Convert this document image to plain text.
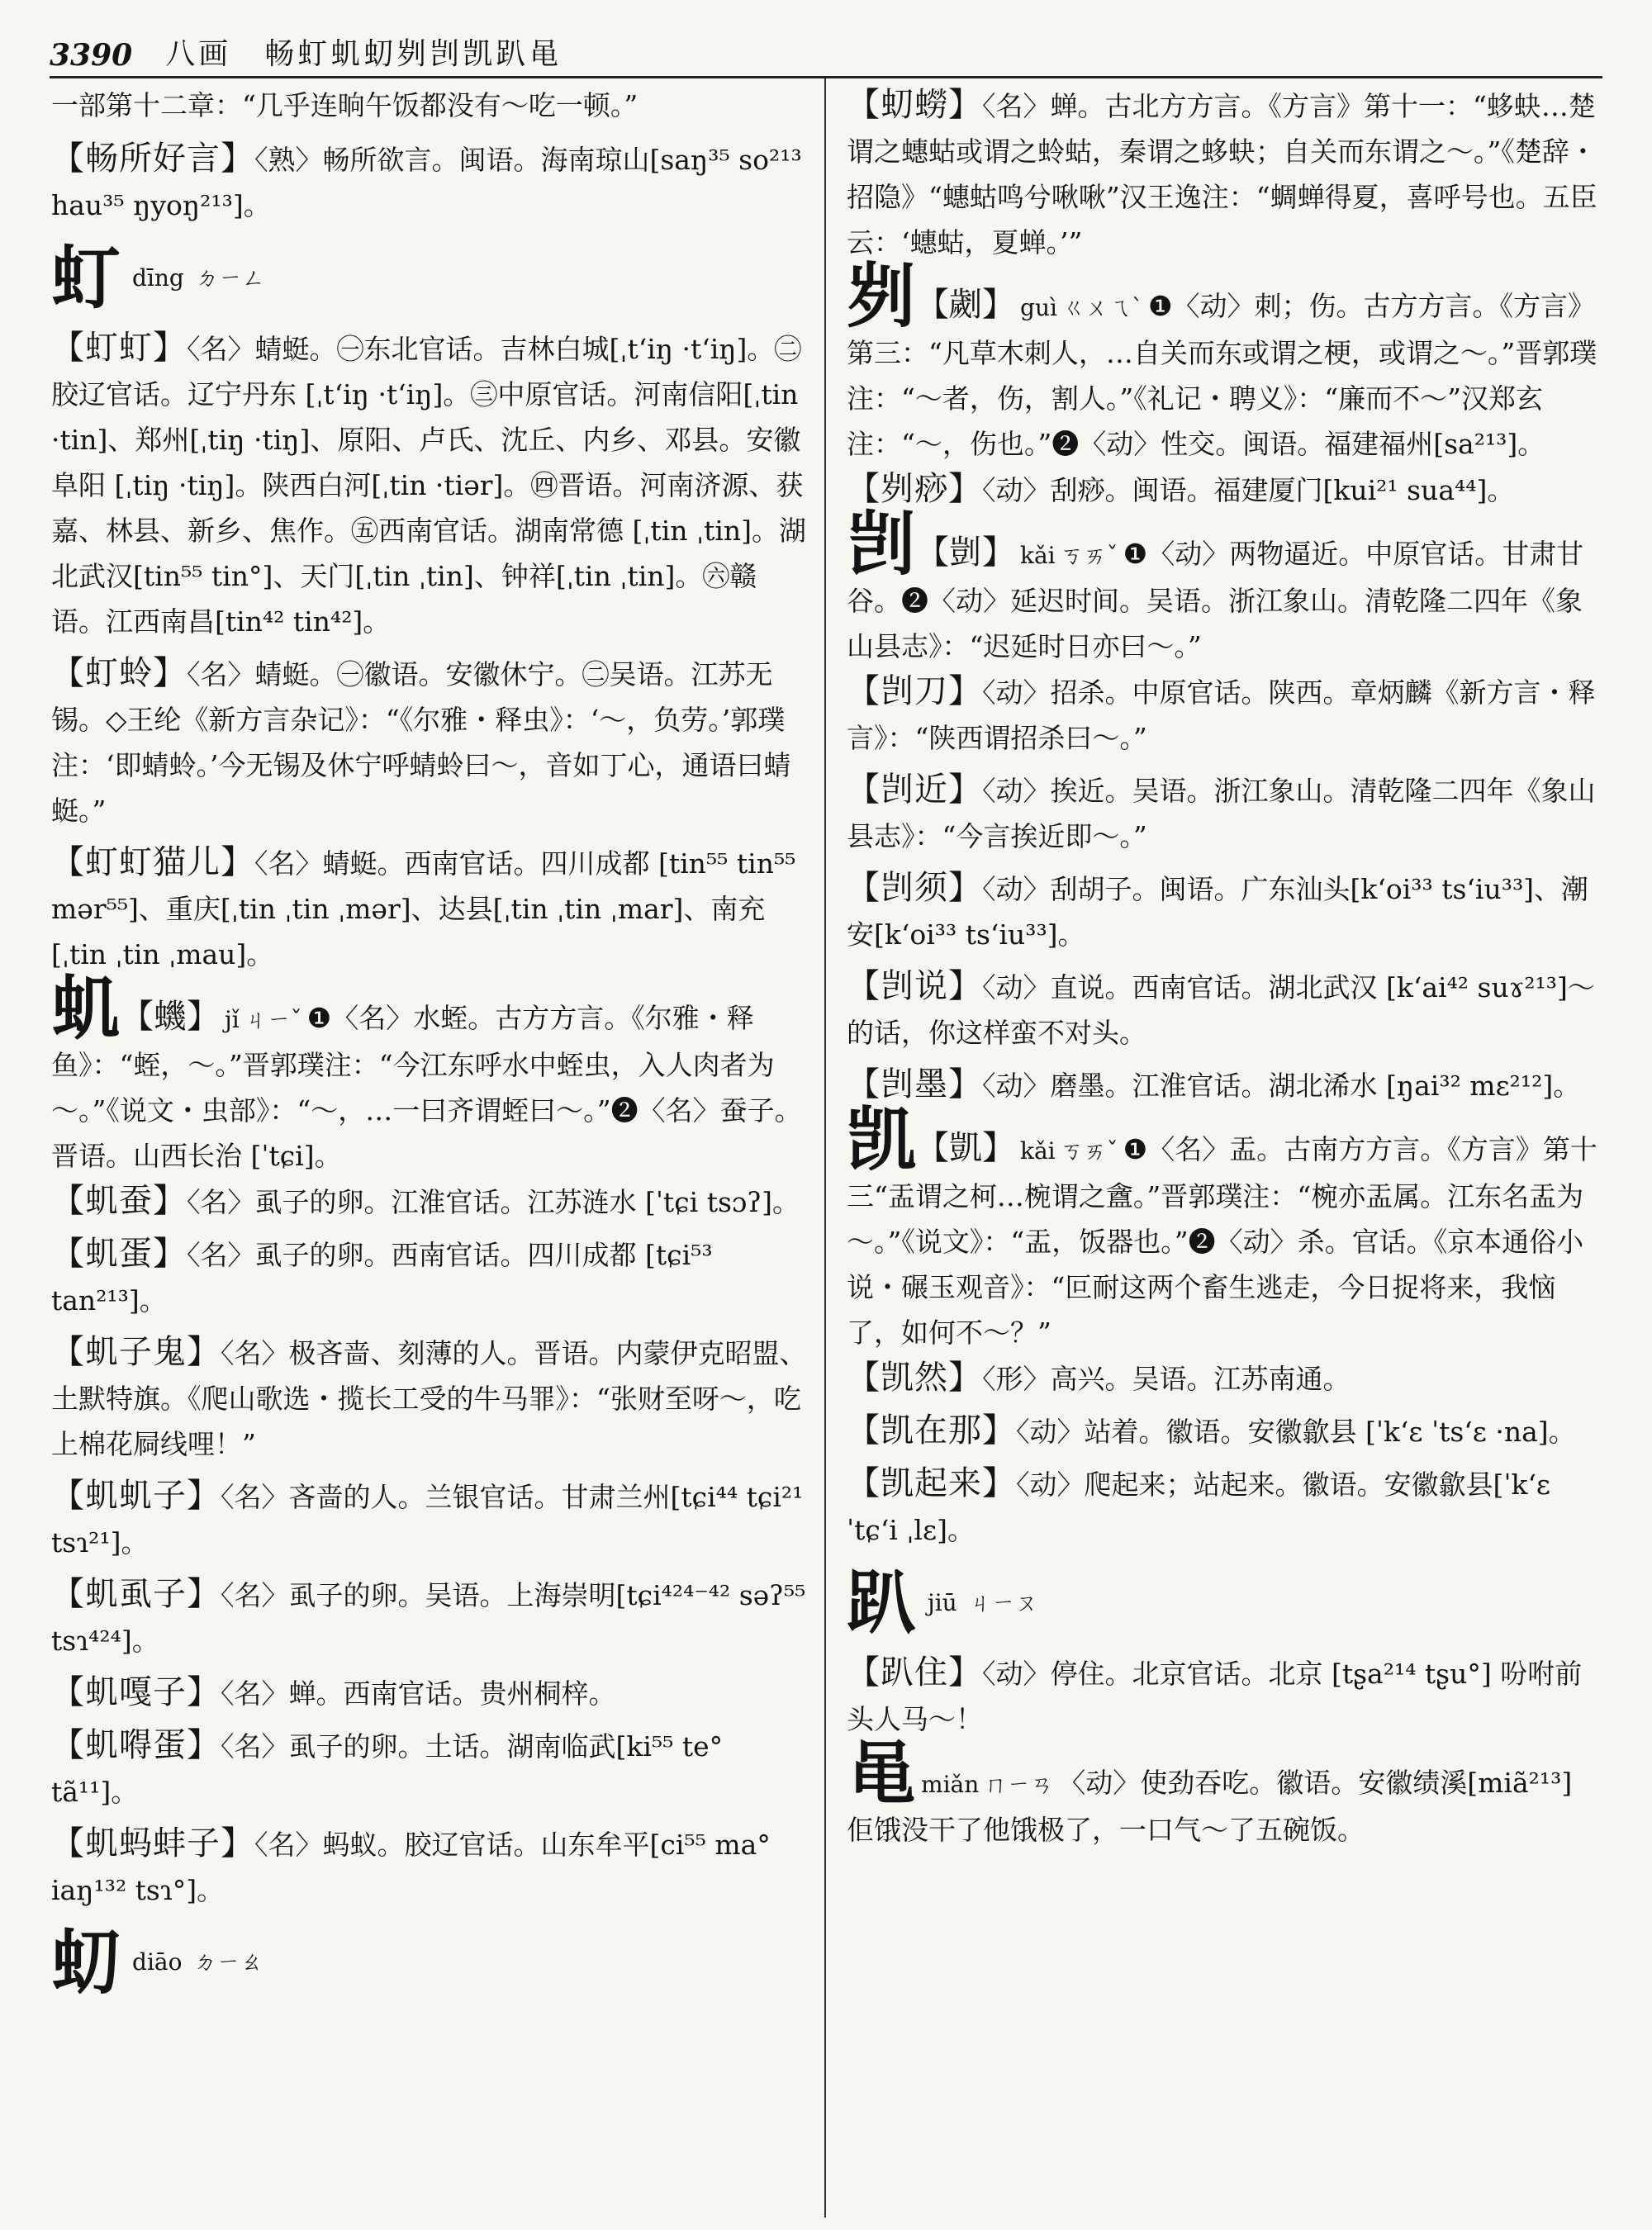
3390 八画　畅虰虮虭刿剀凯趴黾
一部第十二章：“几乎连晌午饭都没有～吃一顿。”
【畅所好言】〈熟〉畅所欲言。闽语。海南琼山[saŋ³⁵ so²¹³ hau³⁵ ŋyoŋ²¹³]。
虰dīng ㄉㄧㄥ
【虰虰】〈名〉蜻蜓。㊀东北官话。吉林白城[ˌt‘iŋ ·t‘iŋ]。㊁胶辽官话。辽宁丹东 [ˌt‘iŋ ·t‘iŋ]。㊂中原官话。河南信阳[ˌtin ·tin]、郑州[ˌtiŋ ·tiŋ]、原阳、卢氏、沈丘、内乡、邓县。安徽阜阳 [ˌtiŋ ·tiŋ]。陕西白河[ˌtin ·tiər]。㊃晋语。河南济源、获嘉、林县、新乡、焦作。㊄西南官话。湖南常德 [ˌtin ˌtin]。湖北武汉[tin⁵⁵ tin°]、天门[ˌtin ˌtin]、钟祥[ˌtin ˌtin]。㊅赣语。江西南昌[tin⁴² tin⁴²]。
【虰蛉】〈名〉蜻蜓。㊀徽语。安徽休宁。㊁吴语。江苏无锡。◇王纶《新方言杂记》：“《尔雅・释虫》：‘～，负劳。’郭璞注：‘即蜻蛉。’今无锡及休宁呼蜻蛉曰～，音如丁心，通语曰蜻蜓。”
【虰虰猫儿】〈名〉蜻蜓。西南官话。四川成都 [tin⁵⁵ tin⁵⁵ mər⁵⁵]、重庆[ˌtin ˌtin ˌmər]、达县[ˌtin ˌtin ˌmar]、南充[ˌtin ˌtin ˌmau]。
虮【蟣】 jǐ ㄐㄧˇ ❶〈名〉水蛭。古方方言。《尔雅・释鱼》：“蛭，～。”晋郭璞注：“今江东呼水中蛭虫，入人肉者为～。”《说文・虫部》：“～，…一曰齐谓蛭曰～。”❷〈名〉蚕子。晋语。山西长治 [ˈtɕi]。
【虮蚕】〈名〉虱子的卵。江淮官话。江苏涟水 [ˈtɕi tsɔʔ]。
【虮蛋】〈名〉虱子的卵。西南官话。四川成都 [tɕi⁵³ tan²¹³]。
【虮子鬼】〈名〉极吝啬、刻薄的人。晋语。内蒙伊克昭盟、土默特旗。《爬山歌选・揽长工受的牛马罪》：“张财至呀～，吃上棉花屙线哩！”
【虮虮子】〈名〉吝啬的人。兰银官话。甘肃兰州[tɕi⁴⁴ tɕi²¹ tsɿ²¹]。
【虮虱子】〈名〉虱子的卵。吴语。上海崇明[tɕi⁴²⁴⁻⁴² səʔ⁵⁵ tsɿ⁴²⁴]。
【虮嘎子】〈名〉蝉。西南官话。贵州桐梓。
【虮嘚蛋】〈名〉虱子的卵。土话。湖南临武[ki⁵⁵ te° tã¹¹]。
【虮蚂蚌子】〈名〉蚂蚁。胶辽官话。山东牟平[ci⁵⁵ ma° iaŋ¹³² tsɿ°]。
虭diāo ㄉㄧㄠ
【虭蟧】〈名〉蝉。古北方方言。《方言》第十一：“蛥蚗…楚谓之蟪蛄或谓之蛉蛄，秦谓之蛥蚗；自关而东谓之～。”《楚辞・招隐》“蟪蛄鸣兮啾啾”汉王逸注：“蜩蝉得夏，喜呼号也。五臣云：‘蟪蛄，夏蝉。’”
刿【劌】 guì ㄍㄨㄟˋ ❶〈动〉刺；伤。古方方言。《方言》第三：“凡草木刺人，…自关而东或谓之梗，或谓之～。”晋郭璞注：“～者，伤，割人。”《礼记・聘义》：“廉而不～”汉郑玄注：“～，伤也。”❷〈动〉性交。闽语。福建福州[sa²¹³]。
【刿痧】〈动〉刮痧。闽语。福建厦门[kui²¹ sua⁴⁴]。
剀【剴】 kǎi ㄎㄞˇ ❶〈动〉两物逼近。中原官话。甘肃甘谷。❷〈动〉延迟时间。吴语。浙江象山。清乾隆二四年《象山县志》：“迟延时日亦曰～。”
【剀刀】〈动〉招杀。中原官话。陕西。章炳麟《新方言・释言》：“陕西谓招杀曰～。”
【剀近】〈动〉挨近。吴语。浙江象山。清乾隆二四年《象山县志》：“今言挨近即～。”
【剀须】〈动〉刮胡子。闽语。广东汕头[k‘oi³³ ts‘iu³³]、潮安[k‘oi³³ ts‘iu³³]。
【剀说】〈动〉直说。西南官话。湖北武汉 [k‘ai⁴² suɤ²¹³]～的话，你这样蛮不对头。
【剀墨】〈动〉磨墨。江淮官话。湖北浠水 [ŋai³² mɛ²¹²]。
凯【凱】 kǎi ㄎㄞˇ ❶〈名〉盂。古南方方言。《方言》第十三“盂谓之柯…椀谓之盦。”晋郭璞注：“椀亦盂属。江东名盂为～。”《说文》：“盂，饭器也。”❷〈动〉杀。官话。《京本通俗小说・碾玉观音》：“叵耐这两个畜生逃走，今日捉将来，我恼了，如何不～？”
【凯然】〈形〉高兴。吴语。江苏南通。
【凯在那】〈动〉站着。徽语。安徽歙县 [ˈk‘ɛ ˈts‘ɛ ·na]。
【凯起来】〈动〉爬起来；站起来。徽语。安徽歙县[ˈk‘ɛ ˈtɕ‘i ˌlɛ]。
趴jiū ㄐㄧㄡ
【趴住】〈动〉停住。北京官话。北京 [tʂa²¹⁴ tʂu°] 吩咐前头人马～！
黾miǎn ㄇㄧㄢ 〈动〉使劲吞吃。徽语。安徽绩溪[miã²¹³] 佢饿没干了他饿极了，一口气～了五碗饭。
